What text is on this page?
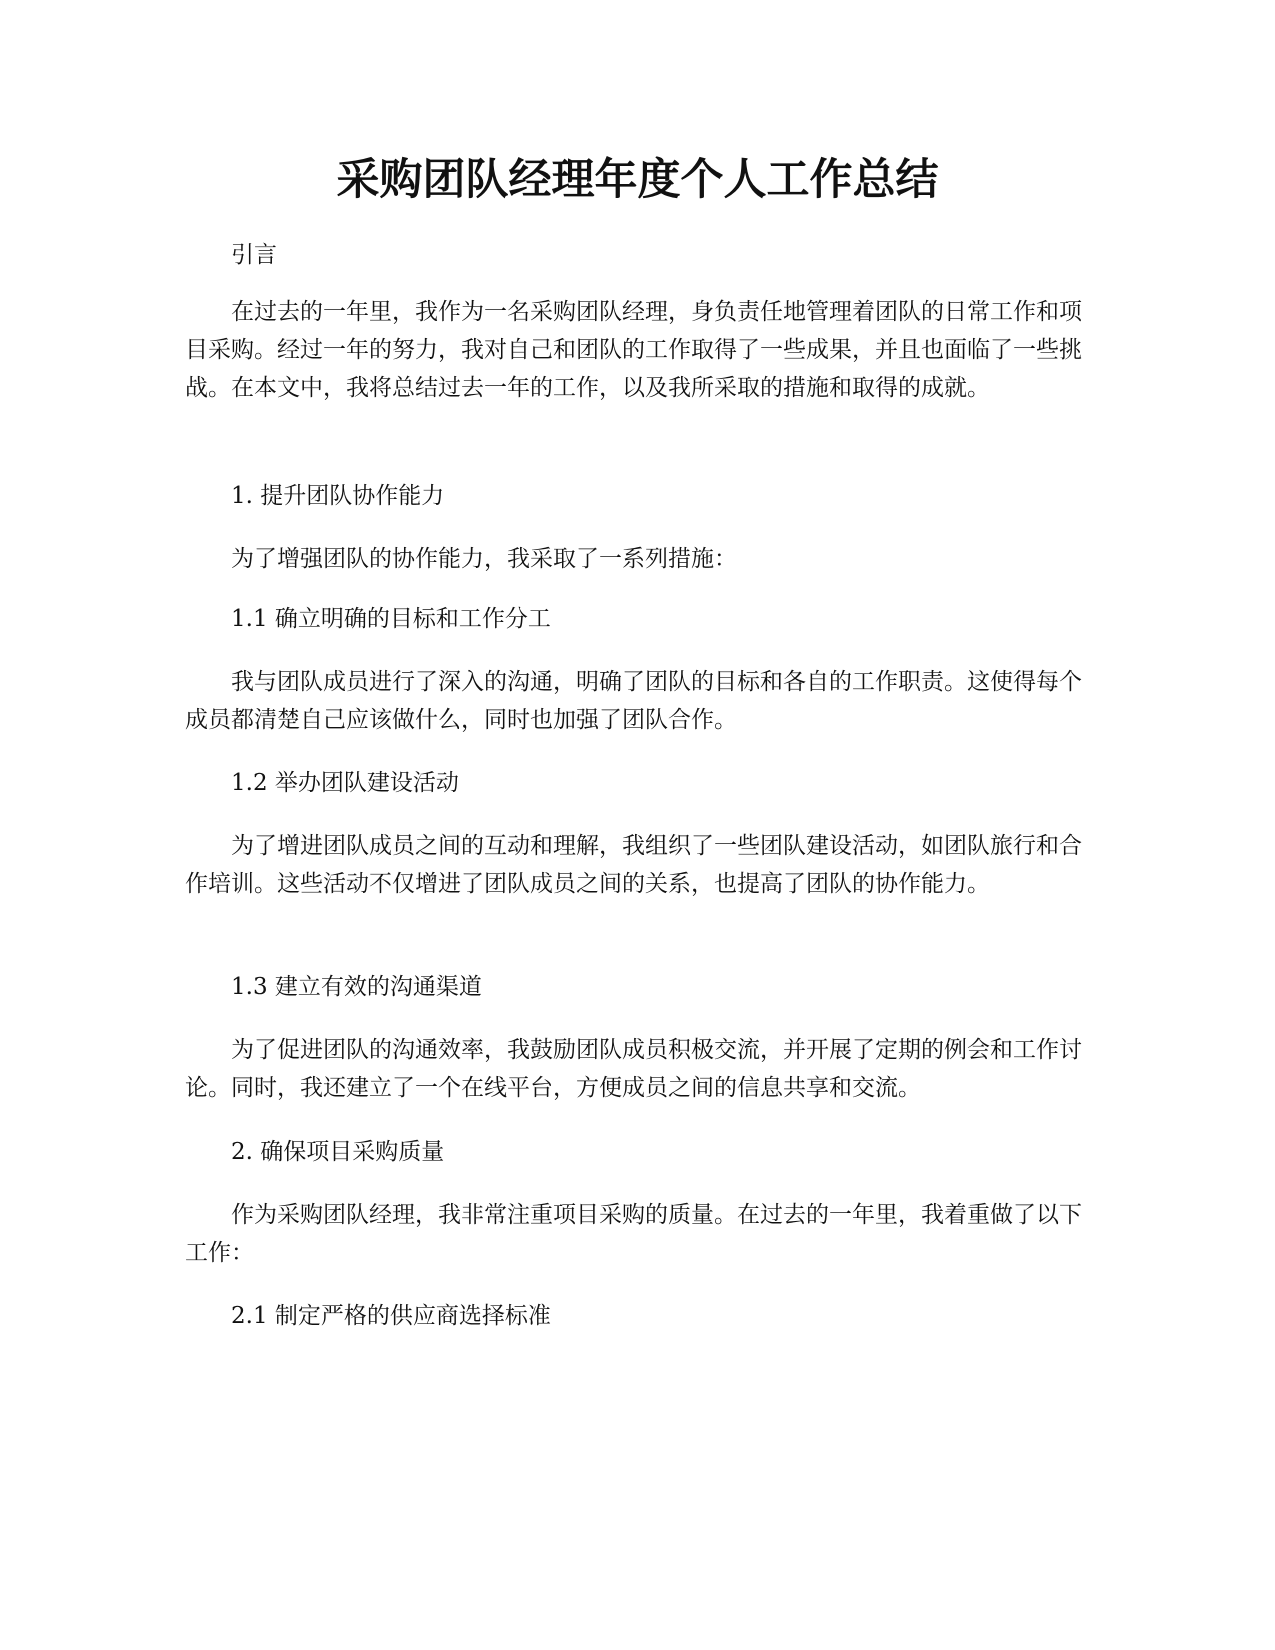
采购团队经理年度个人工作总结

引言

在过去的一年里，我作为一名采购团队经理，身负责任地管理着团队的日常工作和项目采购。经过一年的努力，我对自己和团队的工作取得了一些成果，并且也面临了一些挑战。在本文中，我将总结过去一年的工作，以及我所采取的措施和取得的成就。

1. 提升团队协作能力

为了增强团队的协作能力，我采取了一系列措施：

1.1 确立明确的目标和工作分工

我与团队成员进行了深入的沟通，明确了团队的目标和各自的工作职责。这使得每个成员都清楚自己应该做什么，同时也加强了团队合作。

1.2 举办团队建设活动

为了增进团队成员之间的互动和理解，我组织了一些团队建设活动，如团队旅行和合作培训。这些活动不仅增进了团队成员之间的关系，也提高了团队的协作能力。

1.3 建立有效的沟通渠道

为了促进团队的沟通效率，我鼓励团队成员积极交流，并开展了定期的例会和工作讨论。同时，我还建立了一个在线平台，方便成员之间的信息共享和交流。

2. 确保项目采购质量

作为采购团队经理，我非常注重项目采购的质量。在过去的一年里，我着重做了以下工作：

2.1 制定严格的供应商选择标准
